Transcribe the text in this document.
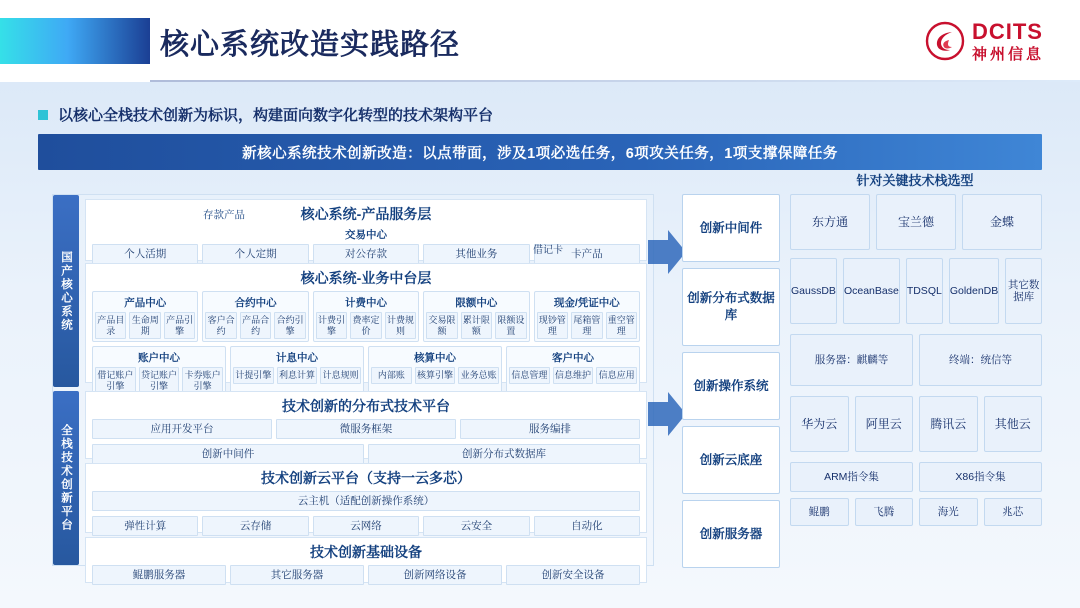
核心系统改造实践路径	DCITS
神州信息
以核心全栈技术创新为标识，构建面向数字化转型的技术架构平台
新核心系统技术创新改造：以点带面，涉及1项必选任务，6项攻关任务，1项支撑保障任务
国产核心系统
全栈技术创新平台
核心系统-产品服务层
交易中心
个人活期	个人定期	对公存款	其他业务	卡产品
存款产品
借记卡
核心系统-业务中台层
产品中心
产品目录
生命周期
产品引擎
合约中心
客户合约
产品合约
合约引擎
计费中心
计费引擎
费率定价
计费规则
限额中心
交易限额
累计限额
限额设置
现金/凭证中心
现钞管理
尾箱管理
重空管理
账户中心
借记账户引擎
贷记账户引擎
卡券账户引擎
计息中心
计提引擎 利息计算 计息规则
核算中心
内部账	核算引擎 业务总账
客户中心
信息管理 信息维护 信息应用
技术创新的分布式技术平台
应用开发平台	微服务框架	服务编排
创新中间件	创新分布式数据库
技术创新云平台（支持一云多芯）
云主机（适配创新操作系统）
弹性计算	云存储	云网络	云安全	自动化
技术创新基础设备
鲲鹏服务器	其它服务器	创新网络设备	创新安全设备
创新中间件
创新分布式数据库
创新操作系统
创新云底座
创新服务器
针对关键技术栈选型
东方通	宝兰德	金蝶
GaussDB OceanBase TDSQL GoldenDB 其它数据库
服务器：麒麟等	终端：统信等
华为云	阿里云	腾讯云	其他云
ARM指令集	X86指令集
鲲鹏	飞腾	海光	兆芯
